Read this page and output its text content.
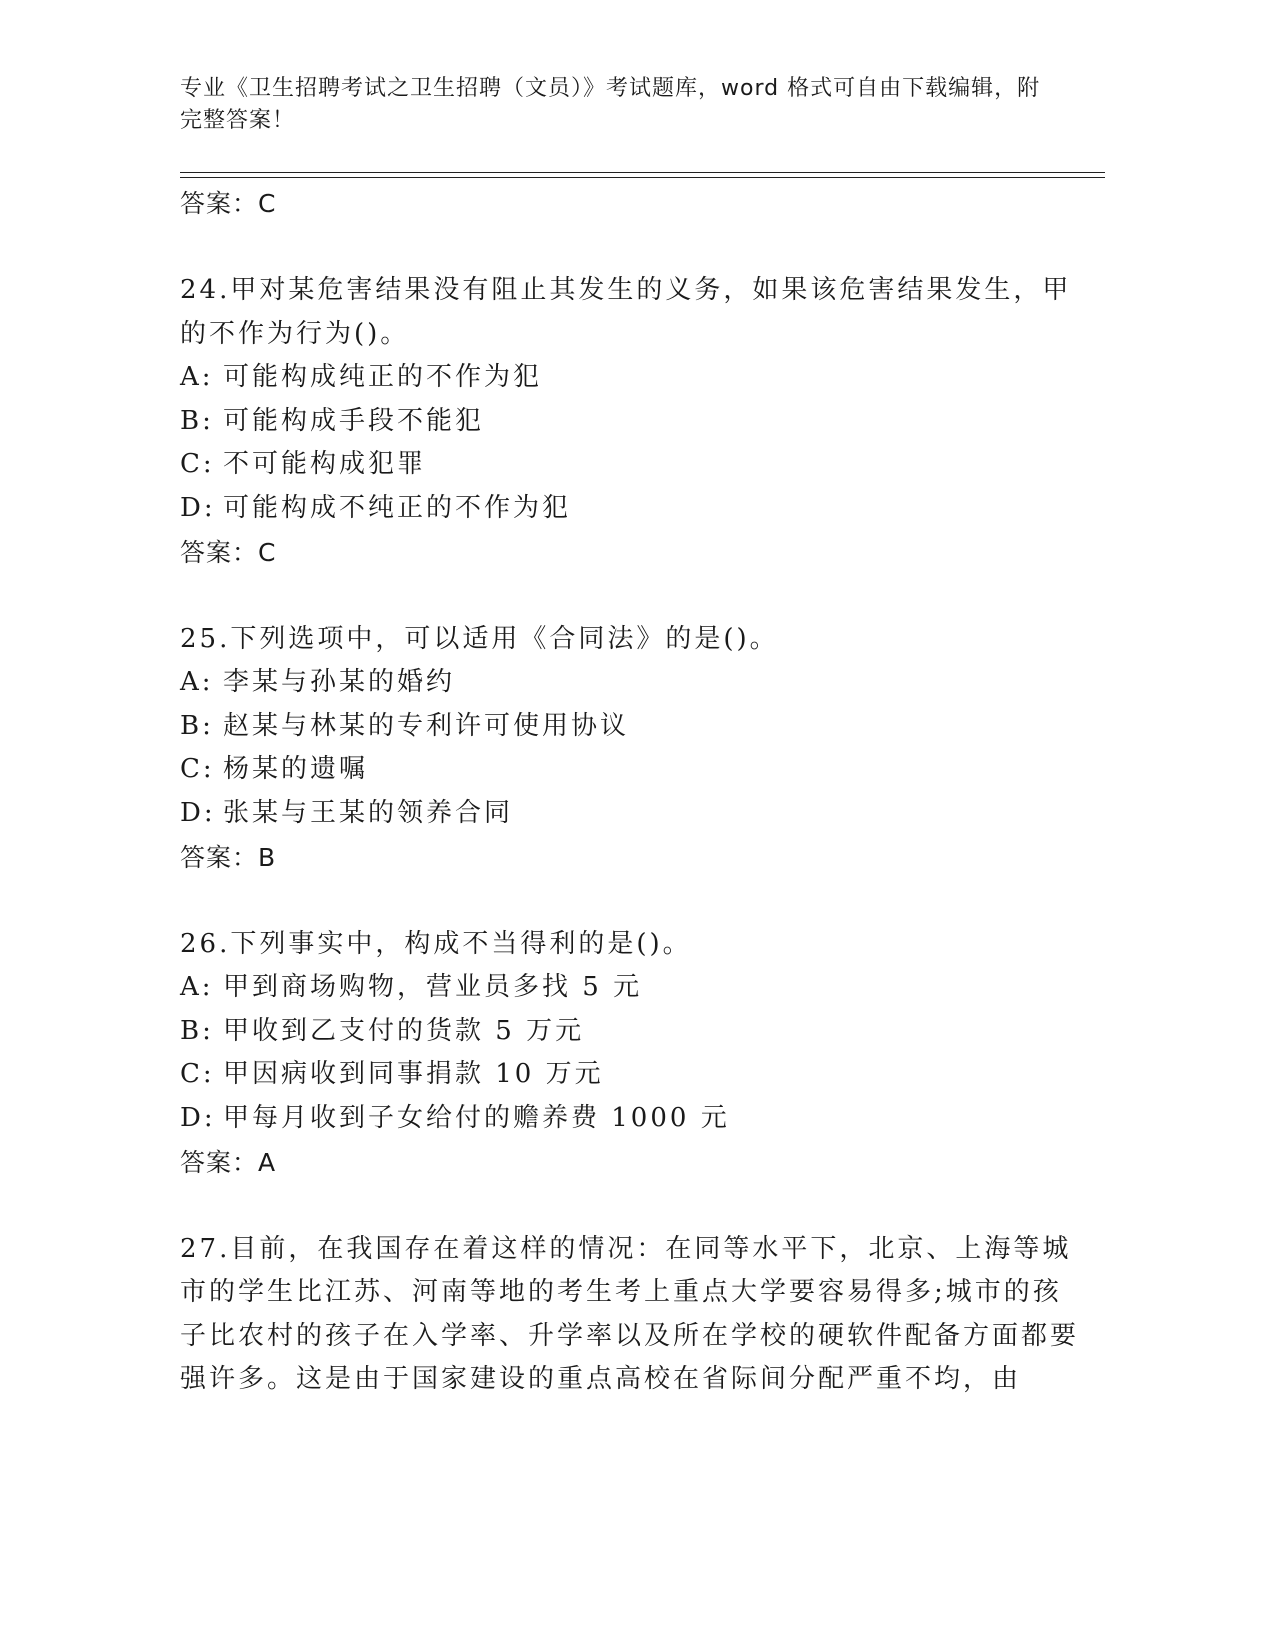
专业《卫生招聘考试之卫生招聘（文员）》考试题库，word 格式可自由下载编辑，附完整答案！

答案：C

24.甲对某危害结果没有阻止其发生的义务，如果该危害结果发生，甲的不作为行为()。

A: 可能构成纯正的不作为犯

B: 可能构成手段不能犯

C: 不可能构成犯罪

D: 可能构成不纯正的不作为犯

答案：C

25.下列选项中，可以适用《合同法》的是()。

A: 李某与孙某的婚约

B: 赵某与林某的专利许可使用协议

C: 杨某的遗嘱

D: 张某与王某的领养合同

答案：B

26.下列事实中，构成不当得利的是()。

A: 甲到商场购物，营业员多找 5 元

B: 甲收到乙支付的货款 5 万元

C: 甲因病收到同事捐款 10 万元

D: 甲每月收到子女给付的赡养费 1000 元

答案：A

27.目前，在我国存在着这样的情况：在同等水平下，北京、上海等城市的学生比江苏、河南等地的考生考上重点大学要容易得多;城市的孩子比农村的孩子在入学率、升学率以及所在学校的硬软件配备方面都要强许多。这是由于国家建设的重点高校在省际间分配严重不均，由
